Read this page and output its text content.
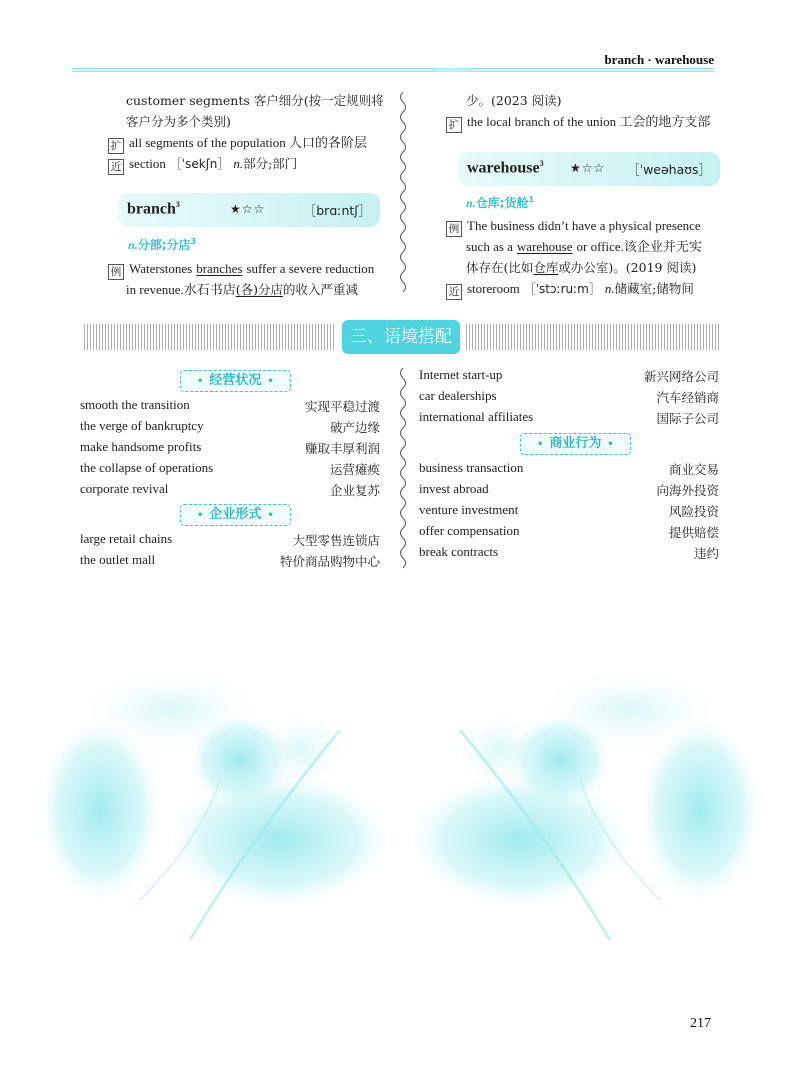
branch · warehouse
customer segments 客户细分(按一定规则将
客户分为多个类别)
扩 all segments of the population 人口的各阶层
近 section ［ˈsekʃn］ n.部分;部门
branch$^3$	★☆☆	［brɑːntʃ］
n.分部;分店$^3$
例 Waterstones branches suffer a severe reduction
in revenue.水石书店(各)分店的收入严重减
少。(2023 阅读)
扩 the local branch of the union 工会的地方支部
warehouse$^3$ ★☆☆ ［ˈweəhaʊs］
n.仓库;货舱$^1$
例 The business didn’t have a physical presence
such as a warehouse or office.该企业并无实
体存在(比如仓库或办公室)。(2019 阅读)
近 storeroom ［ˈstɔːruːm］ n.储藏室;储物间
三、语境搭配
• 经营状况 •
smooth the transition	实现平稳过渡
the verge of bankruptcy	破产边缘
make handsome profits	赚取丰厚利润
the collapse of operations	运营瘫痪
corporate revival	企业复苏
• 企业形式 •
large retail chains	大型零售连锁店
the outlet mall	特价商品购物中心
Internet start-up	新兴网络公司
car dealerships	汽车经销商
international affiliates	国际子公司
• 商业行为 •
business transaction	商业交易
invest abroad	向海外投资
venture investment	风险投资
offer compensation	提供赔偿
break contracts	违约
217
